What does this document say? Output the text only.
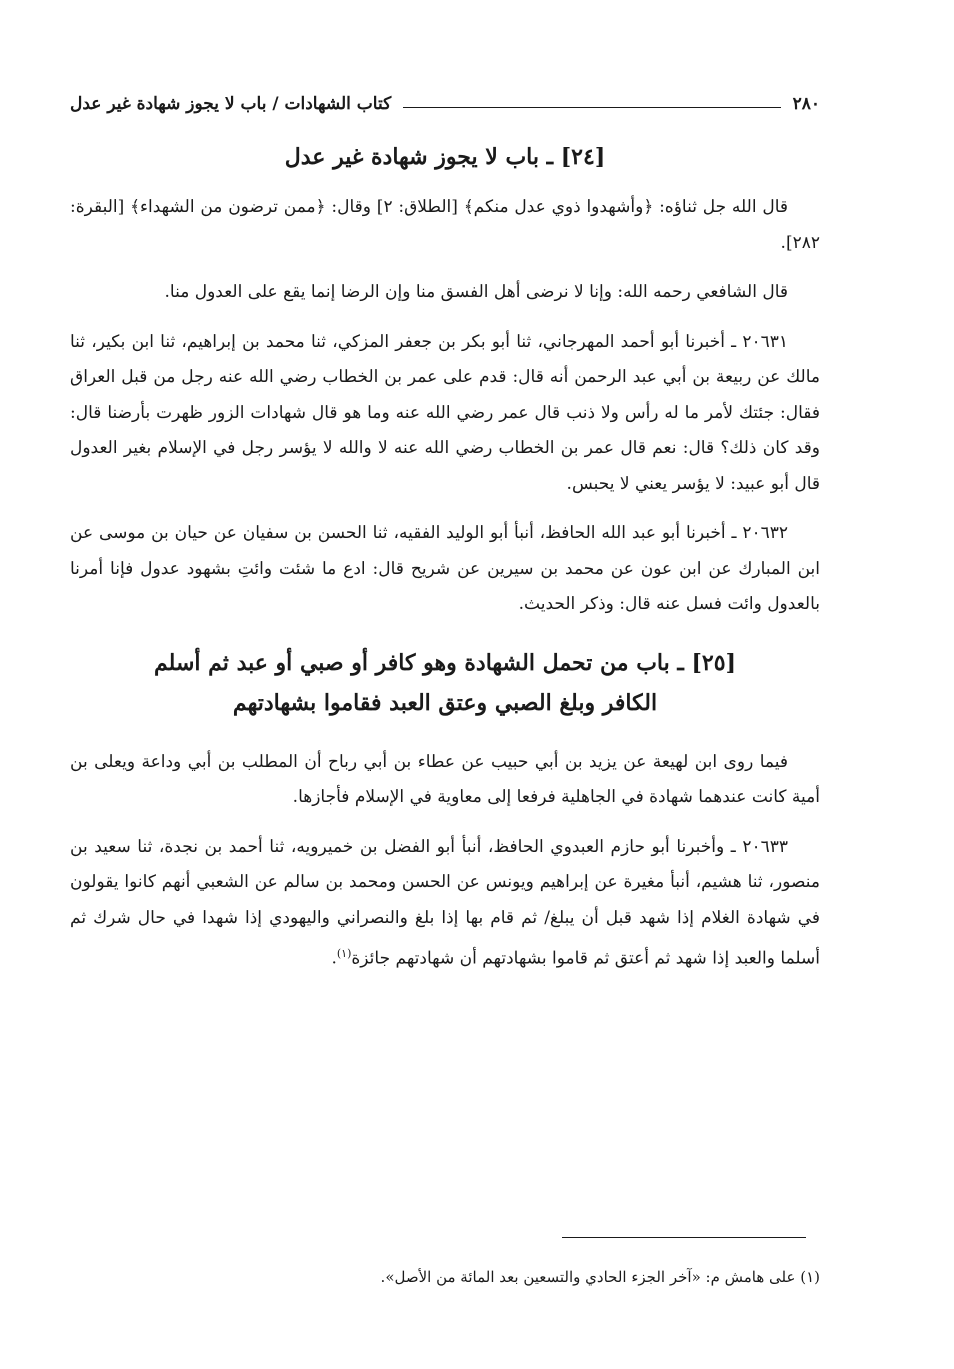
٢٨٠
كتاب الشهادات / باب لا يجوز شهادة غير عدل
[٢٤] ـ باب لا يجوز شهادة غير عدل

قال الله جل ثناؤه: ﴿وأشهدوا ذوي عدل منكم﴾ [الطلاق: ٢] وقال: ﴿ممن ترضون من الشهداء﴾ [البقرة: ٢٨٢].

قال الشافعي رحمه الله: وإنا لا نرضى أهل الفسق منا وإن الرضا إنما يقع على العدول منا.

٢٠٦٣١ ـ أخبرنا أبو أحمد المهرجاني، ثنا أبو بكر بن جعفر المزكي، ثنا محمد بن إبراهيم، ثنا ابن بكير، ثنا مالك عن ربيعة بن أبي عبد الرحمن أنه قال: قدم على عمر بن الخطاب رضي الله عنه رجل من قبل العراق فقال: جئتك لأمر ما له رأس ولا ذنب قال عمر رضي الله عنه وما هو قال شهادات الزور ظهرت بأرضنا قال: وقد كان ذلك؟ قال: نعم قال عمر بن الخطاب رضي الله عنه لا والله لا يؤسر رجل في الإسلام بغير العدول قال أبو عبيد: لا يؤسر يعني لا يحبس.

٢٠٦٣٢ ـ أخبرنا أبو عبد الله الحافظ، أنبأ أبو الوليد الفقيه، ثنا الحسن بن سفيان عن حيان بن موسى عن ابن المبارك عن ابن عون عن محمد بن سيرين عن شريح قال: ادع ما شئت وائتِ بشهود عدول فإنا أمرنا بالعدول وائت فسل عنه قال: وذكر الحديث.

[٢٥] ـ باب من تحمل الشهادة وهو كافر أو صبي أو عبد ثم أسلم
الكافر وبلغ الصبي وعتق العبد فقاموا بشهادتهم

فيما روى ابن لهيعة عن يزيد بن أبي حبيب عن عطاء بن أبي رباح أن المطلب بن أبي وداعة ويعلى بن أمية كانت عندهما شهادة في الجاهلية فرفعا إلى معاوية في الإسلام فأجازها.

٢٠٦٣٣ ـ وأخبرنا أبو حازم العبدوي الحافظ، أنبأ أبو الفضل بن خميرويه، ثنا أحمد بن نجدة، ثنا سعيد بن منصور، ثنا هشيم، أنبأ مغيرة عن إبراهيم ويونس عن الحسن ومحمد بن سالم عن الشعبي أنهم كانوا يقولون في شهادة الغلام إذا شهد قبل أن يبلغ/ ثم قام بها إذا بلغ والنصراني واليهودي إذا شهدا في حال شرك ثم أسلما والعبد إذا شهد ثم أعتق ثم قاموا بشهادتهم أن شهادتهم جائزة$^{(١)}$.

(١) على هامش م: «آخر الجزء الحادي والتسعين بعد المائة من الأصل».
